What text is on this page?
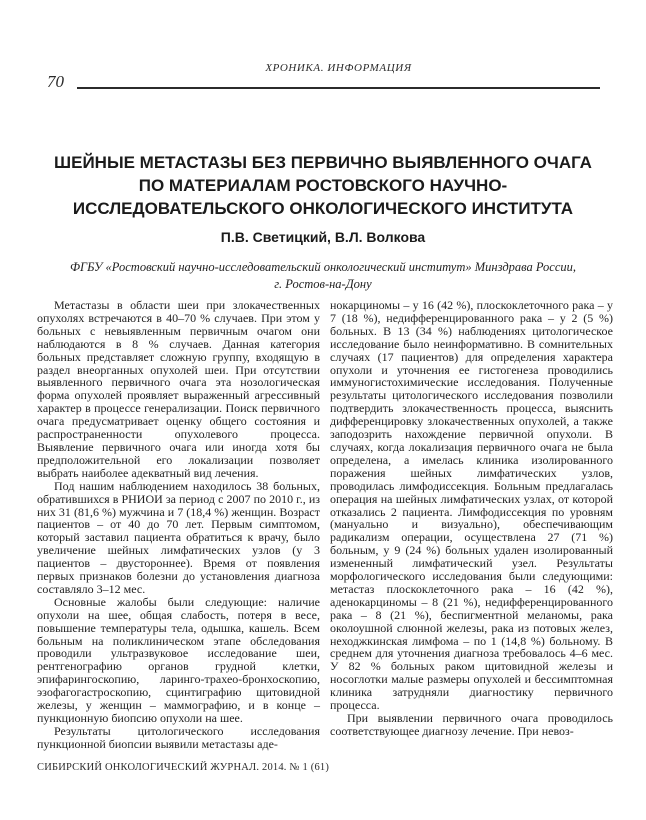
70
ХРОНИКА. ИНФОРМАЦИЯ
ШЕЙНЫЕ МЕТАСТАЗЫ БЕЗ ПЕРВИЧНО ВЫЯВЛЕННОГО ОЧАГА
ПО МАТЕРИАЛАМ РОСТОВСКОГО НАУЧНО-
ИССЛЕДОВАТЕЛЬСКОГО ОНКОЛОГИЧЕСКОГО ИНСТИТУТА
П.В. Светицкий, В.Л. Волкова
ФГБУ «Ростовский научно-исследовательский онкологический институт» Минздрава России,
г. Ростов-на-Дону

Метастазы в области шеи при злокачественных опухолях встречаются в 40–70 % случаев. При этом у больных с невыявленным первичным очагом они наблюдаются в 8 % случаев. Данная категория больных представляет сложную группу, входящую в раздел внеорганных опухолей шеи. При отсутствии выявленного первичного очага эта нозологическая форма опухолей проявляет выраженный агрессивный характер в процессе генерализации. Поиск первичного очага предусматривает оценку общего состояния и распространенности опухолевого процесса. Выявление первичного очага или иногда хотя бы предположительной его локализации позволяет выбрать наиболее адекватный вид лечения.

Под нашим наблюдением находилось 38 больных, обратившихся в РНИОИ за период с 2007 по 2010 г., из них 31 (81,6 %) мужчина и 7 (18,4 %) женщин. Возраст пациентов – от 40 до 70 лет. Первым симптомом, который заставил пациента обратиться к врачу, было увеличение шейных лимфатических узлов (у 3 пациентов – двустороннее). Время от появления первых признаков болезни до установления диагноза составляло 3–12 мес.

Основные жалобы были следующие: наличие опухоли на шее, общая слабость, потеря в весе, повышение температуры тела, одышка, кашель. Всем больным на поликлиническом этапе обследования проводили ультразвуковое исследование шеи, рентгенографию органов грудной клетки, эпифарингоскопию, ларинго-трахео-бронхоскопию, эзофагогастроскопию, сцинтиграфию щитовидной железы, у женщин – маммографию, и в конце – пункционную биопсию опухоли на шее.

Результаты цитологического исследования пункционной биопсии выявили метастазы аде-

нокарциномы – у 16 (42 %), плоскоклеточного рака – у 7 (18 %), недифференцированного рака – у 2 (5 %) больных. В 13 (34 %) наблюдениях цитологическое исследование было неинформативно. В сомнительных случаях (17 пациентов) для определения характера опухоли и уточнения ее гистогенеза проводились иммуногистохимические исследования. Полученные результаты цитологического исследования позволили подтвердить злокачественность процесса, выяснить дифференцировку злокачественных опухолей, а также заподозрить нахождение первичной опухоли. В случаях, когда локализация первичного очага не была определена, а имелась клиника изолированного поражения шейных лимфатических узлов, проводилась лимфодиссекция. Больным предлагалась операция на шейных лимфатических узлах, от которой отказались 2 пациента. Лимфодиссекция по уровням (мануально и визуально), обеспечивающим радикализм операции, осуществлена 27 (71 %) больным, у 9 (24 %) больных удален изолированный измененный лимфатический узел. Результаты морфологического исследования были следующими: метастаз плоскоклеточного рака – 16 (42 %), аденокарциномы – 8 (21 %), недифференцированного рака – 8 (21 %), беспигментной меланомы, рака околоушной слюнной железы, рака из потовых желез, неходжкинская лимфома – по 1 (14,8 %) больному. В среднем для уточнения диагноза требовалось 4–6 мес. У 82 % больных раком щитовидной железы и носоглотки малые размеры опухолей и бессимптомная клиника затрудняли диагностику первичного процесса.

При выявлении первичного очага проводилось соответствующее диагнозу лечение. При невоз-

СИБИРСКИЙ ОНКОЛОГИЧЕСКИЙ ЖУРНАЛ. 2014. № 1 (61)
